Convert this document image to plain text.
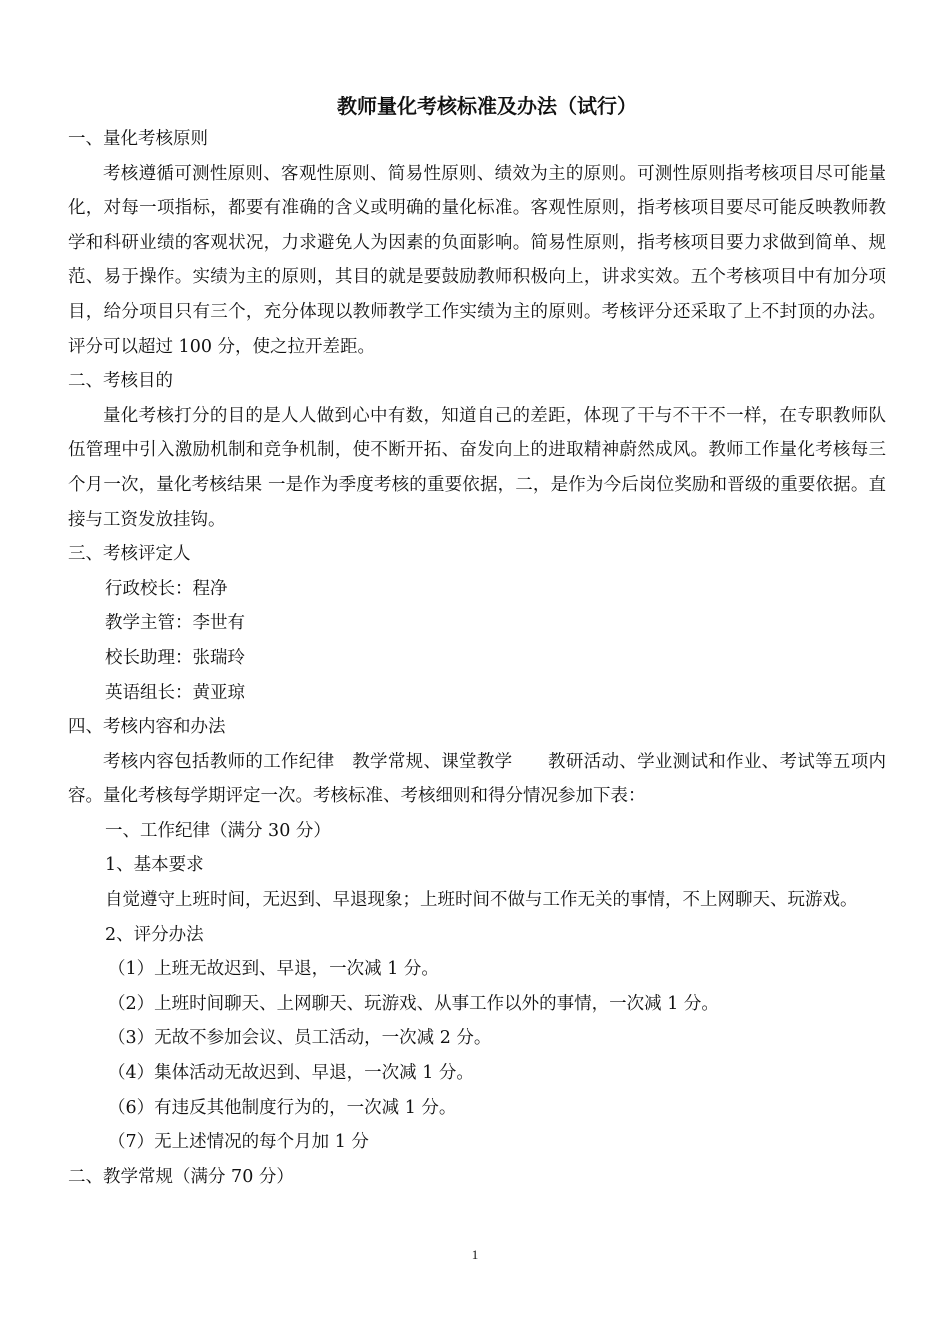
教师量化考核标准及办法（试行）

一、量化考核原则

考核遵循可测性原则、客观性原则、简易性原则、绩效为主的原则。可测性原则指考核项目尽可能量化，对每一项指标，都要有准确的含义或明确的量化标准。客观性原则，指考核项目要尽可能反映教师教学和科研业绩的客观状况，力求避免人为因素的负面影响。简易性原则，指考核项目要力求做到简单、规范、易于操作。实绩为主的原则，其目的就是要鼓励教师积极向上，讲求实效。五个考核项目中有加分项目，给分项目只有三个，充分体现以教师教学工作实绩为主的原则。考核评分还采取了上不封顶的办法。评分可以超过 100 分，使之拉开差距。

二、考核目的

量化考核打分的目的是人人做到心中有数，知道自己的差距，体现了干与不干不一样，在专职教师队伍管理中引入激励机制和竞争机制，使不断开拓、奋发向上的进取精神蔚然成风。教师工作量化考核每三个月一次，量化考核结果 一是作为季度考核的重要依据，二，是作为今后岗位奖励和晋级的重要依据。直接与工资发放挂钩。

三、考核评定人

行政校长：程净

教学主管：李世有

校长助理：张瑞玲

英语组长：黄亚琼

四、考核内容和办法

考核内容包括教师的工作纪律　教学常规、课堂教学　　教研活动、学业测试和作业、考试等五项内容。量化考核每学期评定一次。考核标准、考核细则和得分情况参加下表：

一、工作纪律（满分 30 分）

1、基本要求

自觉遵守上班时间，无迟到、早退现象；上班时间不做与工作无关的事情，不上网聊天、玩游戏。

2、评分办法

（1）上班无故迟到、早退，一次减 1 分。

（2）上班时间聊天、上网聊天、玩游戏、从事工作以外的事情，一次减 1 分。

（3）无故不参加会议、员工活动，一次减 2 分。

（4）集体活动无故迟到、早退，一次减 1 分。

（6）有违反其他制度行为的，一次减 1 分。

（7）无上述情况的每个月加 1 分

二、教学常规（满分 70 分）

1
